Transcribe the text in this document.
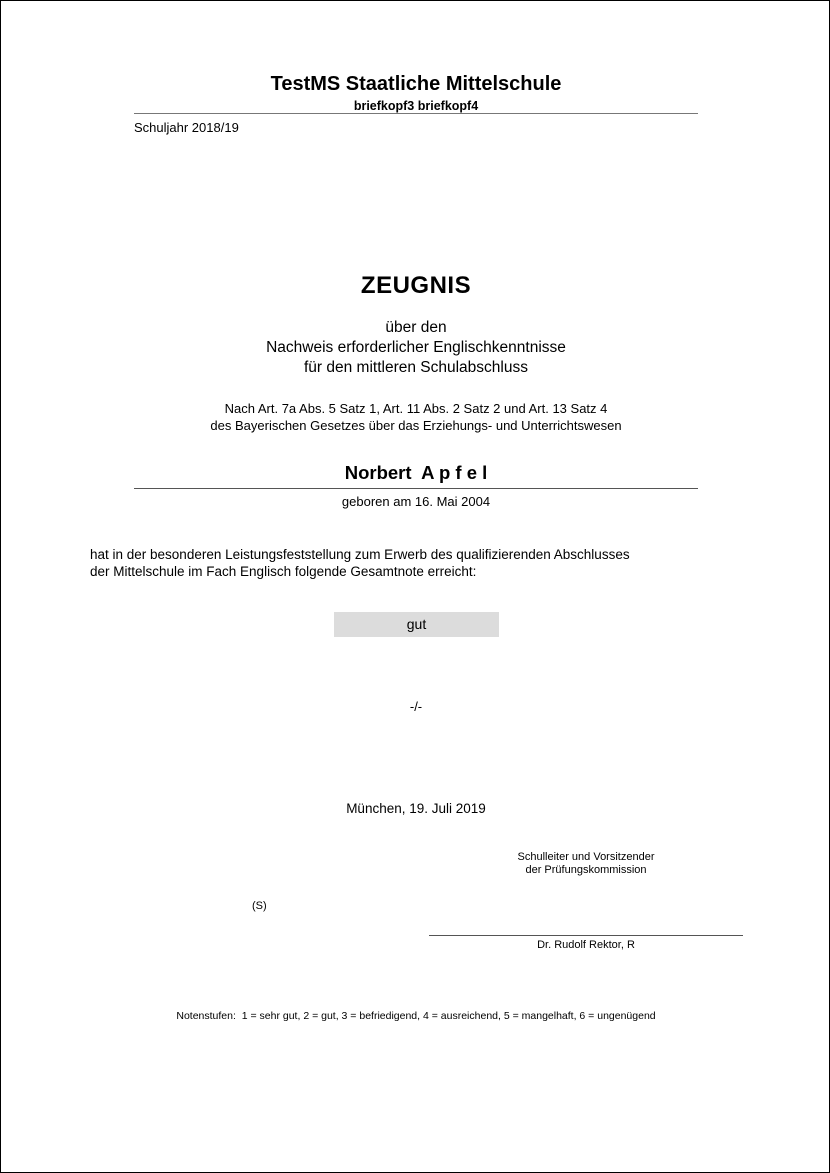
TestMS Staatliche Mittelschule
briefkopf3 briefkopf4
Schuljahr 2018/19
ZEUGNIS
über den
Nachweis erforderlicher Englischkenntnisse
für den mittleren Schulabschluss
Nach Art. 7a Abs. 5 Satz 1, Art. 11 Abs. 2 Satz 2 und Art. 13 Satz 4
des Bayerischen Gesetzes über das Erziehungs- und Unterrichtswesen
Norbert  A p f e l
geboren am 16. Mai 2004
hat in der besonderen Leistungsfeststellung zum Erwerb des qualifizierenden Abschlusses
der Mittelschule im Fach Englisch folgende Gesamtnote erreicht:
gut
-/-
München, 19. Juli 2019
Schulleiter und Vorsitzender
der Prüfungskommission
(S)
Dr. Rudolf Rektor, R
Notenstufen:  1 = sehr gut, 2 = gut, 3 = befriedigend, 4 = ausreichend, 5 = mangelhaft, 6 = ungenügend
